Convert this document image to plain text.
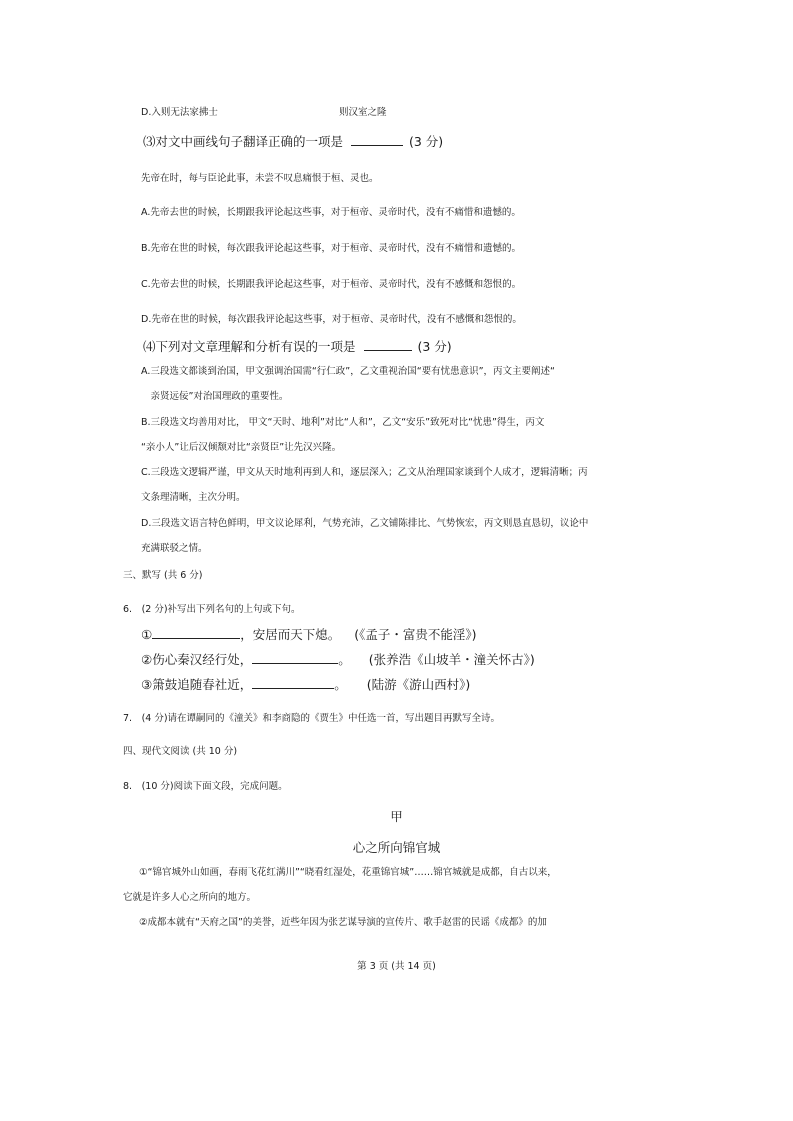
D.入则无法家拂士	则汉室之隆
⑶对文中画线句子翻译正确的一项是	(3 分)
先帝在时，每与臣论此事，未尝不叹息痛恨于桓、灵也。
A.先帝去世的时候，长期跟我评论起这些事，对于桓帝、灵帝时代，没有不痛惜和遗憾的。
B.先帝在世的时候，每次跟我评论起这些事，对于桓帝、灵帝时代，没有不痛惜和遗憾的。
C.先帝去世的时候，长期跟我评论起这些事，对于桓帝、灵帝时代，没有不感慨和怨恨的。
D.先帝在世的时候，每次跟我评论起这些事，对于桓帝、灵帝时代，没有不感慨和怨恨的。
⑷下列对文章理解和分析有误的一项是	(3 分)
A.三段选文都谈到治国，甲文强调治国需“行仁政”，乙文重视治国“要有忧患意识”，丙文主要阐述“
　亲贤远佞”对治国理政的重要性。
B.三段选文均善用对比， 甲文“天时、地利”对比“人和”，乙文“安乐”致死对比“忧患”得生，丙文
“亲小人”让后汉倾颓对比“亲贤臣”让先汉兴隆。
C.三段选文逻辑严谨，甲文从天时地利再到人和，逐层深入；乙文从治理国家谈到个人成才，逻辑清晰；丙
文条理清晰，主次分明。
D.三段选文语言特色鲜明，甲文议论犀利，气势充沛，乙文铺陈排比、气势恢宏，丙文则恳直恳切，议论中
充满联驳之情。
三、默写 (共 6 分)
6.　(2 分)补写出下列名句的上句或下句。
①	，安居而天下熄。 (《孟子・富贵不能淫》)
②伤心秦汉经行处，	。 (张养浩《山坡羊・潼关怀古》)
③箫鼓追随春社近，	。 (陆游《游山西村》)
7.　(4 分)请在谭嗣同的《潼关》和李商隐的《贾生》中任选一首，写出题目再默写全诗。
四、现代文阅读 (共 10 分)
8.　(10 分)阅读下面文段，完成问题。
甲
心之所向锦官城
①“锦官城外山如画，春雨飞花红满川”“晓看红湿处，花重锦官城”……锦官城就是成都，自古以来，
它就是许多人心之所向的地方。
②成都本就有“天府之国”的美誉，近些年因为张艺谋导演的宣传片、歌手赵雷的民谣《成都》的加
第 3 页 (共 14 页)
